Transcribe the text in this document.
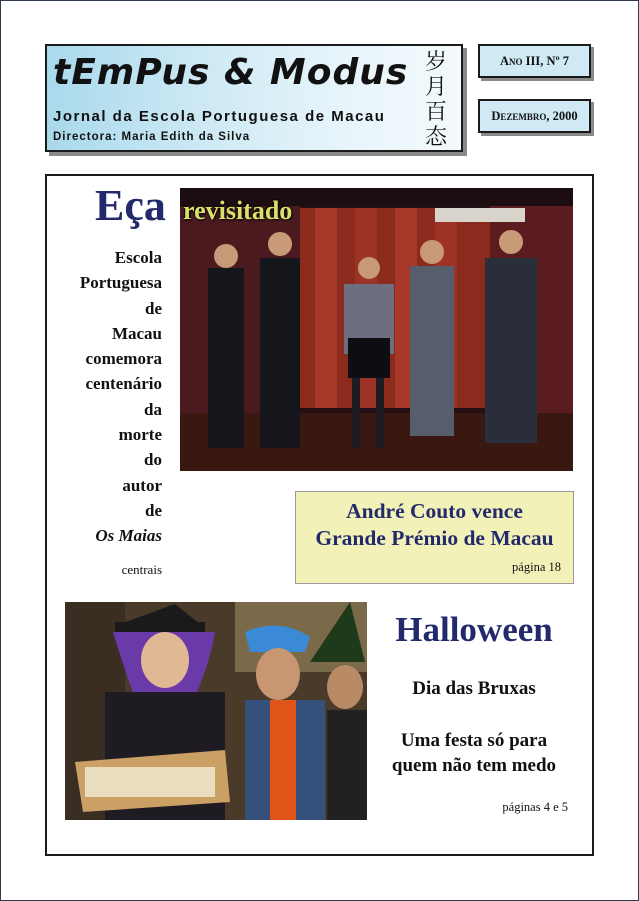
tEmPus & Modus 岁
月
百
态
Jornal da Escola Portuguesa de Macau
Directora: Maria Edith da Silva
Ano III, Nº 7
Dezembro, 2000
Eça revisitado
Escola
Portuguesa
de
Macau
comemora
centenário
da
morte
do
autor
de
Os Maias
centrais
André Couto vence
Grande Prémio de Macau
página 18
Halloween
Dia das Bruxas
Uma festa só para
quem não tem medo
páginas 4 e 5
